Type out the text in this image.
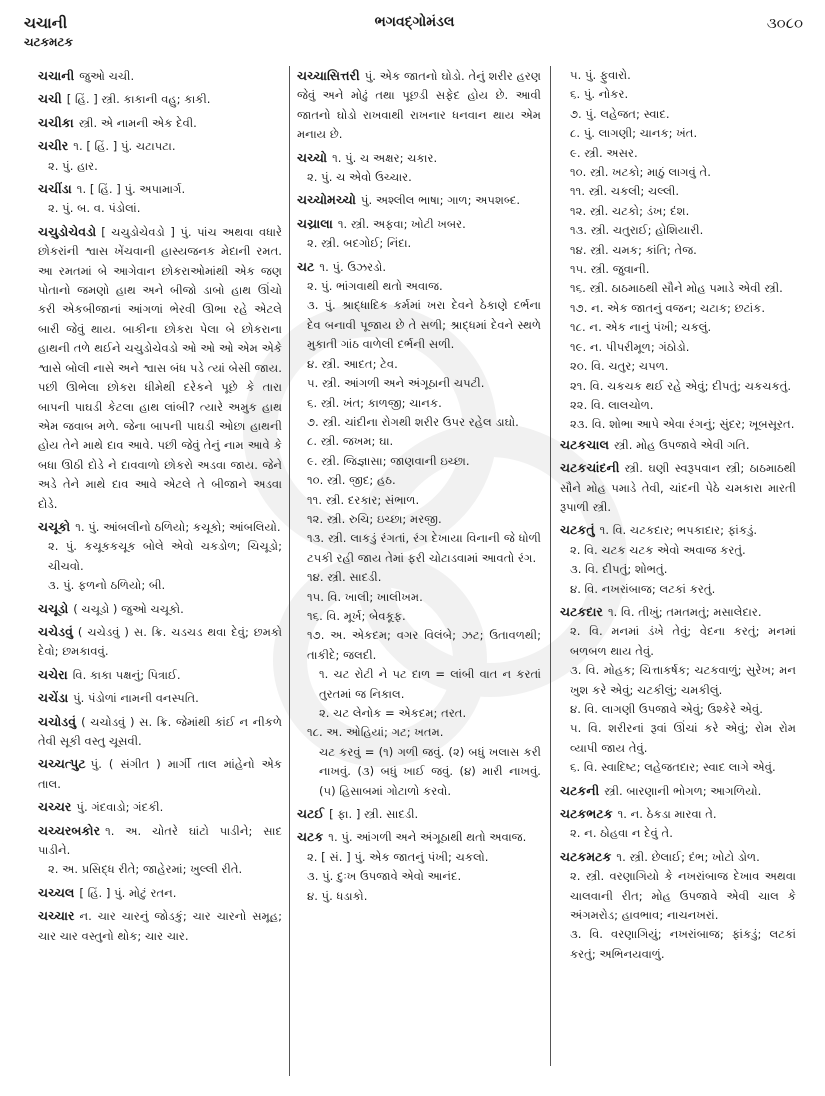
ચચાની
ચટકમટક
ભગવદ્ગોમંડલ	૩૦૮૦
ચચાની જુઓ ચચી.
ચચી [ હિં. ] સ્ત્રી. કાકાની વહુ; કાકી.
ચચીકા સ્ત્રી. એ નામની એક દેવી.
ચચીર ૧. [ હિં. ] પું. ચટાપટા.
૨. પું. હાર.
ચચીંડા ૧. [ હિં. ] પું. અપામાર્ગ.
૨. પું. બ. વ. પંડોલાં.
ચચુડોચેવડો [ ચચુડોચેવડો ] પું. પાંચ અથવા વધારે છોકરાંની શ્વાસ ખેંચવાની હાસ્યજનક મેદાની રમત. આ રમતમાં બે આગેવાન છોકરાઓમાંથી એક જણ પોતાનો જમણો હાથ અને બીજો ડાબો હાથ ઊંચો કરી એકબીજાનાં આંગળાં ભેરવી ઊભા રહે એટલે બારી જેવું થાય. બાકીના છોકરા પેલા બે છોકરાના હાથની તળે થઈને ચચુડોચેવડો ઓ ઓ ઓ એમ એકે શ્વાસે બોલી નાસે અને શ્વાસ બંધ પડે ત્યાં બેસી જાય. પછી ઊભેલા છોકરા ધીમેથી દરેકને પૂછે કે તારા બાપની પાઘડી કેટલા હાથ લાંબી? ત્યારે અમુક હાથ એમ જવાબ મળે. જેના બાપની પાઘડી ઓછા હાથની હોય તેને માથે દાવ આવે. પછી જેવું તેનું નામ આવે કે બધા ઊઠી દોડે ને દાવવાળો છોકરો અડવા જાય. જેને અડે તેને માથે દાવ આવે એટલે તે બીજાને અડવા દોડે.
ચચૂકો ૧. પું. આંબલીનો ઠળિયો; કચૂકો; આંબલિયો.
૨. પું. કચૂકકચૂક બોલે એવો ચકડોળ; ચિચૂડો; ચીચવો.
૩. પું. ફળનો ઠળિયો; બી.
ચચૂડો ( ચચૂડો ) જુઓ ચચૂકો.
ચચેડવું ( ચચેડવું ) સ. ક્રિ. ચડચડ થવા દેવું; છમકો દેવો; છમકાવવું.
ચચેરા વિ. કાકા પક્ષનું; પિત્રાઈ.
ચચેંડા પું. પંડોળાં નામની વનસ્પતિ.
ચચોડવું ( ચચોડવું ) સ. ક્રિ. જેમાંથી કાંઈ ન નીકળે તેવી સૂકી વસ્તુ ચૂસવી.
ચચ્ચત્પુટ પું. ( સંગીત ) માર્ગી તાલ માંહેનો એક તાલ.
ચચ્ચર પું. ગંદવાડો; ગંદકી.
ચચ્ચરબકોર ૧. અ. ચોતરે ઘાંટો પાડીને; સાદ પાડીને.
૨. અ. પ્રસિદ્ધ રીતે; જાહેરમાં; ખુલ્લી રીતે.
ચચ્ચલ [ હિં. ] પું. મોટું રતન.
ચચ્ચાર ન. ચાર ચારનું જોડકું; ચાર ચારનો સમૂહ; ચાર ચાર વસ્તુનો થોક; ચાર ચાર.
ચચ્ચાસિત્તરી પું. એક જાતનો ઘોડો. તેનું શરીર હરણ જેવું અને મોઢું તથા પૂછડી સફેદ હોય છે. આવી જાતનો ઘોડો રાખવાથી રાખનાર ધનવાન થાય એમ મનાય છે.
ચચ્ચો ૧. પું. ચ અક્ષર; ચકાર.
૨. પું. ચ એવો ઉચ્ચાર.
ચચ્ચોમચ્ચો પું. અશ્લીલ ભાષા; ગાળ; અપશબ્દ.
ચચ્રાલા ૧. સ્ત્રી. અફવા; ખોટી ખબર.
૨. સ્ત્રી. બદગોઈ; નિંદા.
ચટ ૧. પું. ઉઝરડો.
૨. પું. ભાંગવાથી થતો અવાજ.
૩. પું. શ્રાદ્ધાદિક કર્મમાં ખરા દેવને ઠેકાણે દર્ભના દેવ બનાવી પૂજાય છે તે સળી; શ્રાદ્ધમાં દેવને સ્થળે મુકાતી ગાંઠ વાળેલી દર્ભની સળી.
૪. સ્ત્રી. આદત; ટેવ.
૫. સ્ત્રી. આંગળી અને અંગૂઠાની ચપટી.
૬. સ્ત્રી. ખંત; કાળજી; ચાનક.
૭. સ્ત્રી. ચાંદીના રોગથી શરીર ઉપર રહેલ ડાઘો.
૮. સ્ત્રી. જખમ; ઘા.
૯. સ્ત્રી. જિજ્ઞાસા; જાણવાની ઇચ્છા.
૧૦. સ્ત્રી. જીદ; હઠ.
૧૧. સ્ત્રી. દરકાર; સંભાળ.
૧૨. સ્ત્રી. રુચિ; ઇચ્છા; મરજી.
૧૩. સ્ત્રી. લાકડું રંગતાં, રંગ દેખાયા વિનાની જે ધોળી ટપકી રહી જાય તેમાં ફરી ચોટાડવામાં આવતો રંગ.
૧૪. સ્ત્રી. સાદડી.
૧૫. વિ. ખાલી; ખાલીખમ.
૧૬. વિ. મૂર્ખ; બેવકૂફ.
૧૭. અ. એકદમ; વગર વિલંબે; ઝટ; ઉતાવળથી; તાકીદે; જલદી.
૧. ચટ રોટી ને પટ દાળ = લાંબી વાત ન કરતાં તુરતમાં જ નિકાલ.
૨. ચટ લેનોક = એકદમ; તરત.
૧૮. અ. ઓહિયાં; ગટ; ખતમ.
ચટ કરવું = (૧) ગળી જવું. (૨) બધું ખલાસ કરી નાખવું. (૩) બધું ખાઈ જવું. (૪) મારી નાખવું. (૫) હિસાબમાં ગોટાળો કરવો.
ચટઈ [ ફા. ] સ્ત્રી. સાદડી.
ચટક ૧. પું. આંગળી અને અંગૂઠાથી થતો અવાજ.
૨. [ સં. ] પું. એક જાતનું પંખી; ચકલો.
૩. પું. દુઃખ ઉપજાવે એવો આનંદ.
૪. પું. ધડાકો.
૫. પું. ફુવારો.
૬. પું. નોકર.
૭. પું. લહેજત; સ્વાદ.
૮. પું. લાગણી; ચાનક; ખંત.
૯. સ્ત્રી. અસર.
૧૦. સ્ત્રી. ખટકો; માઠું લાગવું તે.
૧૧. સ્ત્રી. ચકલી; ચલ્લી.
૧૨. સ્ત્રી. ચટકો; ડંખ; દંશ.
૧૩. સ્ત્રી. ચતુરાઈ; હોશિયારી.
૧૪. સ્ત્રી. ચમક; કાંતિ; તેજ.
૧૫. સ્ત્રી. જુવાની.
૧૬. સ્ત્રી. ઠાઠમાઠથી સૌને મોહ પમાડે એવી સ્ત્રી.
૧૭. ન. એક જાતનું વજન; ચટાક; છટાંક.
૧૮. ન. એક નાનું પંખી; ચકલું.
૧૯. ન. પીપરીમૂળ; ગંઠોડો.
૨૦. વિ. ચતુર; ચપળ.
૨૧. વિ. ચકચક થઈ રહે એવું; દીપતું; ચકચકતું.
૨૨. વિ. લાલચોળ.
૨૩. વિ. શોભા આપે એવા રંગનું; સુંદર; ખૂબસૂરત.
ચટકચાલ સ્ત્રી. મોહ ઉપજાવે એવી ગતિ.
ચટકચાંદની સ્ત્રી. ઘણી સ્વરૂપવાન સ્ત્રી; ઠાઠમાઠથી સૌને મોહ પમાડે તેવી, ચાંદની પેઠે ચમકારા મારતી રૂપાળી સ્ત્રી.
ચટકતું ૧. વિ. ચટકદાર; ભપકાદાર; ફાંકડું.
૨. વિ. ચટક ચટક એવો અવાજ કરતું.
૩. વિ. દીપતું; શોભતું.
૪. વિ. નખરાંબાજ; લટકાં કરતું.
ચટકદાર ૧. વિ. તીખું; તમતમતું; મસાલેદાર.
૨. વિ. મનમાં ડંખે તેવું; વેદના કરતું; મનમાં બળબળ થાય તેવું.
૩. વિ. મોહક; ચિત્તાકર્ષક; ચટકવાળું; સુરેખ; મન ખુશ કરે એવું; ચટકીલું; ચમકીલું.
૪. વિ. લાગણી ઉપજાવે એવું; ઉશ્કેરે એવું.
૫. વિ. શરીરનાં રૂવાં ઊંચાં કરે એવું; રોમ રોમ વ્યાપી જાય તેવું.
૬. વિ. સ્વાદિષ્ટ; લહેજતદાર; સ્વાદ લાગે એવું.
ચટકની સ્ત્રી. બારણાની ભોગળ; આગળિયો.
ચટકભટક ૧. ન. ઠેકડા મારવા તે.
૨. ન. ઠોહવા ન દેવું તે.
ચટકમટક ૧. સ્ત્રી. છેલાઈ; દંભ; ખોટો ડોળ.
૨. સ્ત્રી. વરણાગિયો કે નખરાંબાજ દેખાવ અથવા ચાલવાની રીત; મોહ ઉપજાવે એવી ચાલ કે અંગમરોડ; હાવભાવ; નાચનખરાં.
૩. વિ. વરણાગિયું; નખરાંબાજ; ફાંકડું; લટકાં કરતું; અભિનયવાળું.
